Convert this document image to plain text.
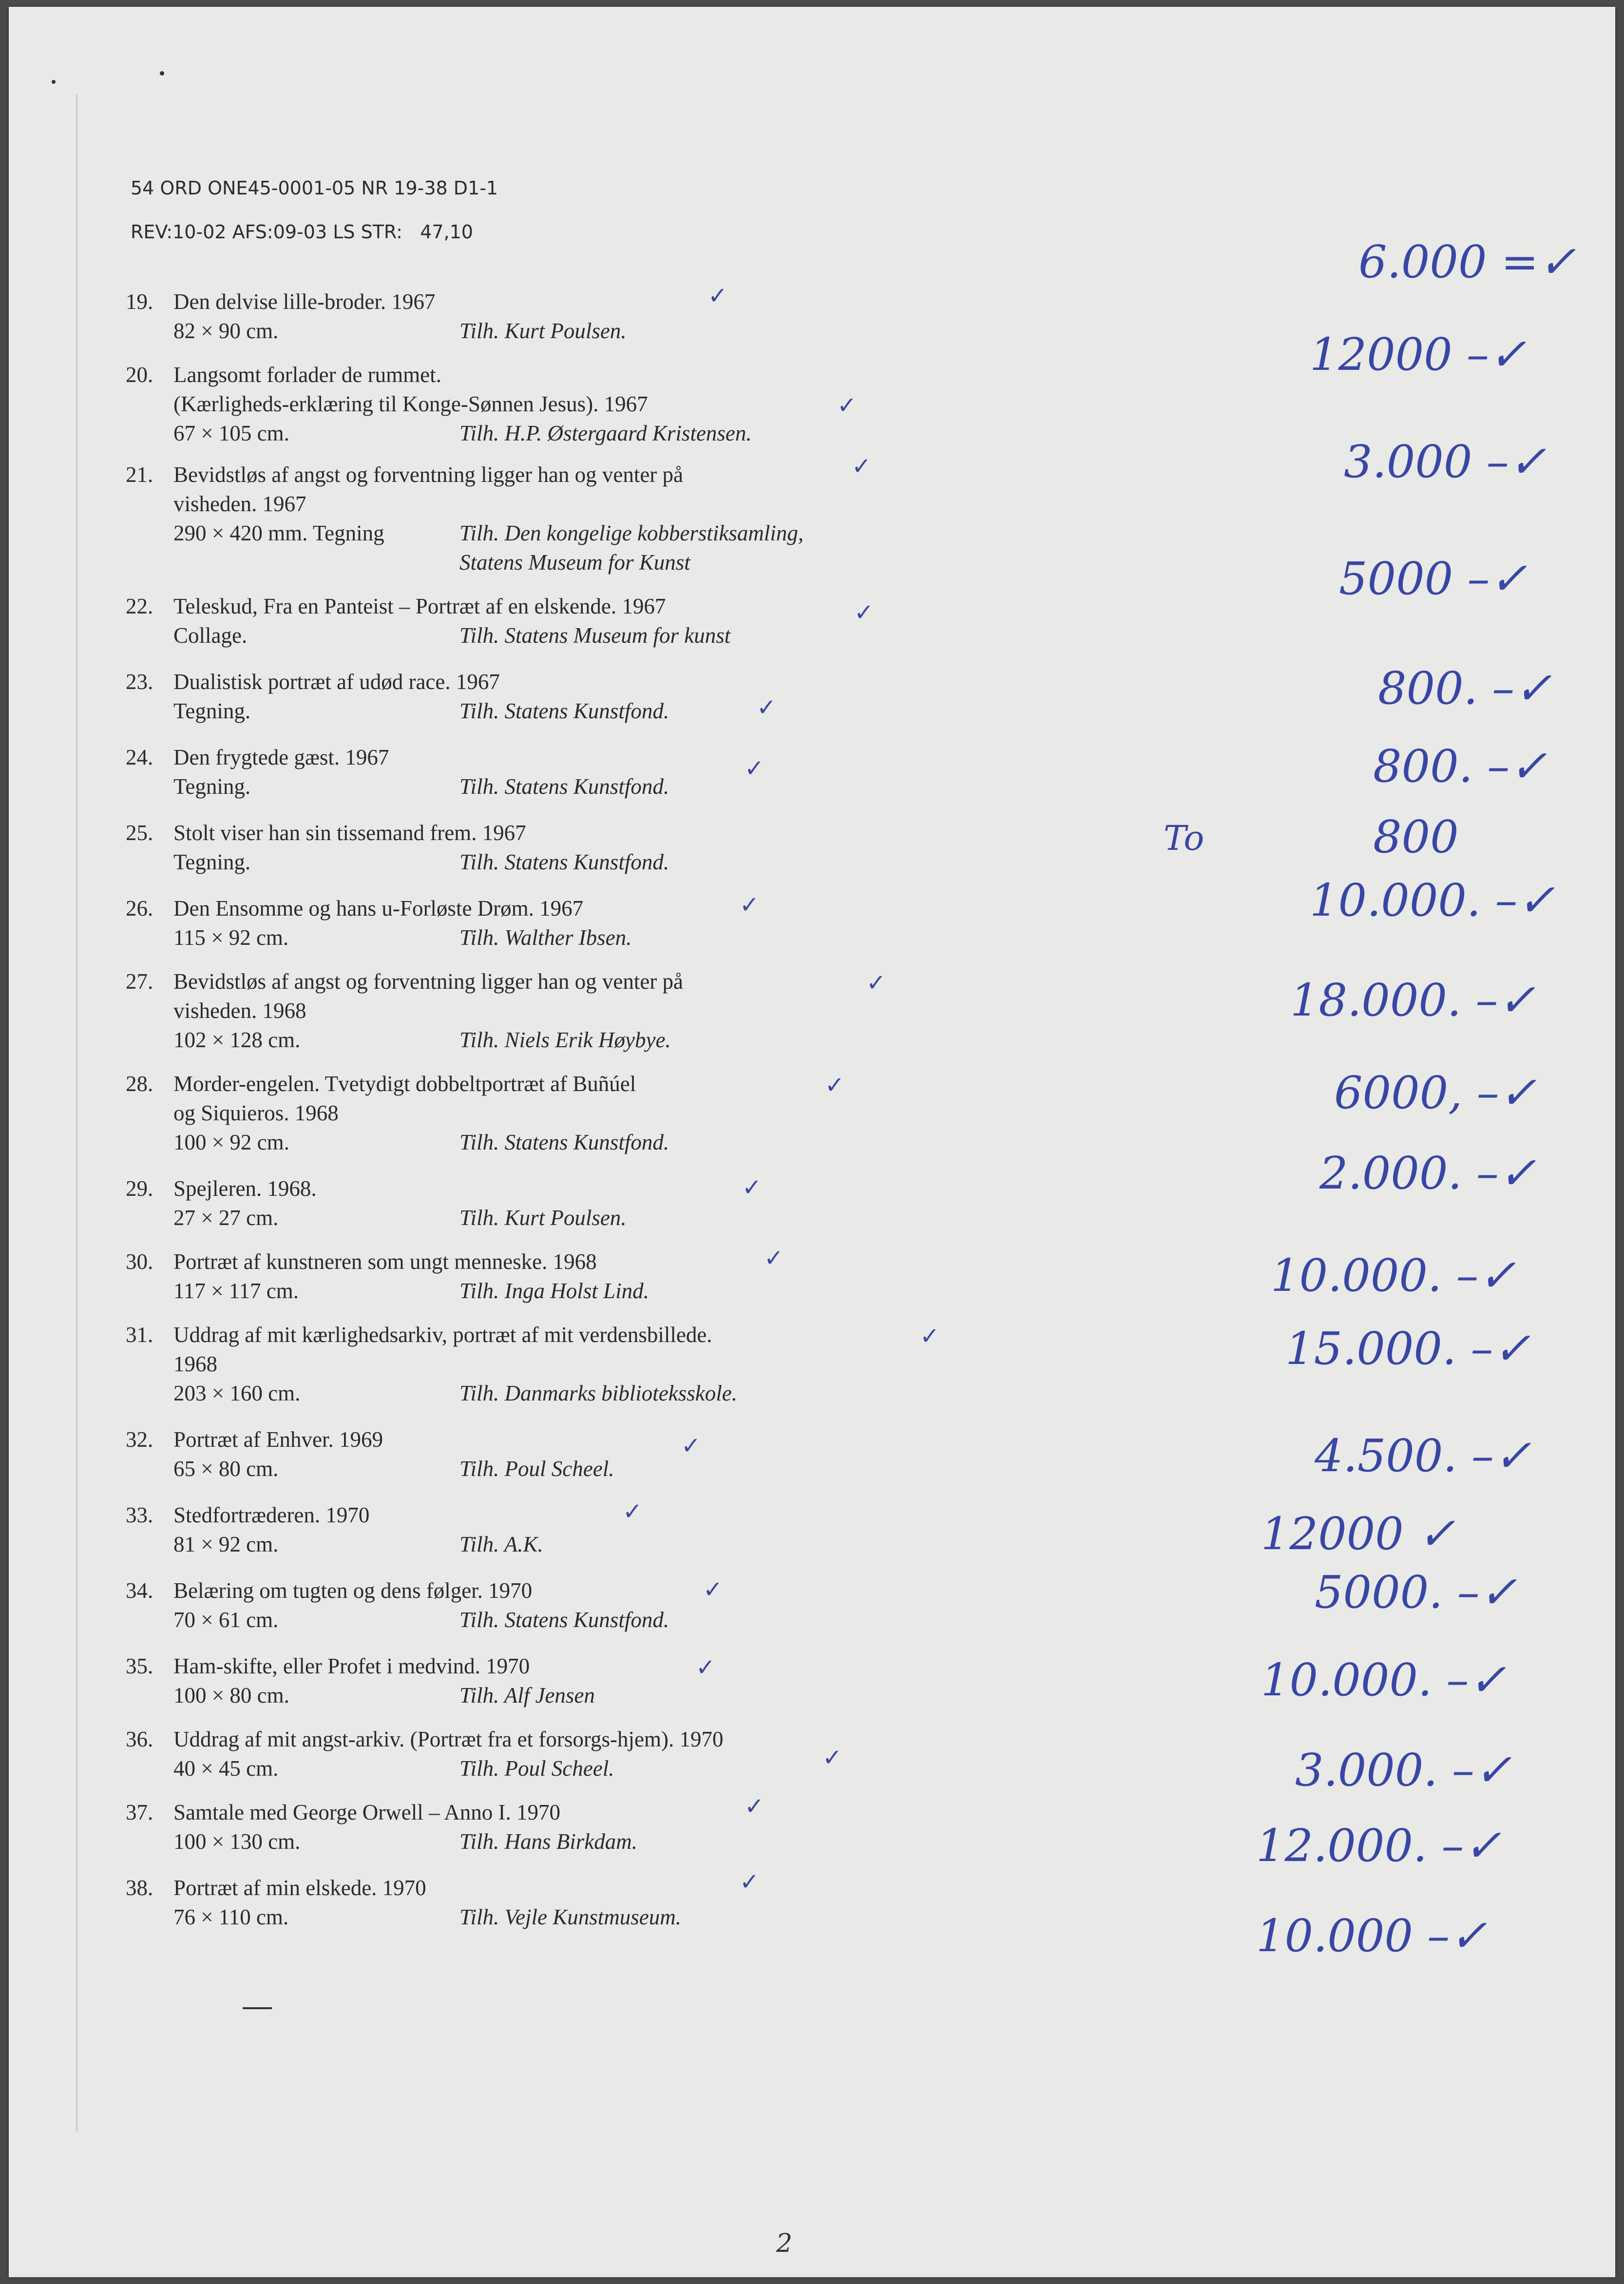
54 ORD ONE45-0001-05 NR 19-38 D1-1
REV:10-02 AFS:09-03 LS STR:   47,10
19. Den delvise lille-broder. 1967
82 × 90 cm.	Tilh. Kurt Poulsen.
20. Langsomt forlader de rummet.
(Kærligheds-erklæring til Konge-Sønnen Jesus). 1967
67 × 105 cm.	Tilh. H.P. Østergaard Kristensen.
21. Bevidstløs af angst og forventning ligger han og venter på
visheden. 1967
290 × 420 mm. Tegning	Tilh. Den kongelige kobberstiksamling,
Statens Museum for Kunst
22. Teleskud, Fra en Panteist – Portræt af en elskende. 1967
Collage.	Tilh. Statens Museum for kunst
23. Dualistisk portræt af udød race. 1967
Tegning.	Tilh. Statens Kunstfond.
24. Den frygtede gæst. 1967
Tegning.	Tilh. Statens Kunstfond.
25. Stolt viser han sin tissemand frem. 1967
Tegning.	Tilh. Statens Kunstfond.
26. Den Ensomme og hans u-Forløste Drøm. 1967
115 × 92 cm.	Tilh. Walther Ibsen.
27. Bevidstløs af angst og forventning ligger han og venter på
visheden. 1968
102 × 128 cm.	Tilh. Niels Erik Høybye.
28. Morder-engelen. Tvetydigt dobbeltportræt af Buñúel
og Siquieros. 1968
100 × 92 cm.	Tilh. Statens Kunstfond.
29. Spejleren. 1968.
27 × 27 cm.	Tilh. Kurt Poulsen.
30. Portræt af kunstneren som ungt menneske. 1968
117 × 117 cm.	Tilh. Inga Holst Lind.
31. Uddrag af mit kærlighedsarkiv, portræt af mit verdensbillede.
1968
203 × 160 cm.	Tilh. Danmarks biblioteksskole.
32. Portræt af Enhver. 1969
65 × 80 cm.	Tilh. Poul Scheel.
33. Stedfortræderen. 1970
81 × 92 cm.	Tilh. A.K.
34. Belæring om tugten og dens følger. 1970
70 × 61 cm.	Tilh. Statens Kunstfond.
35. Ham-skifte, eller Profet i medvind. 1970
100 × 80 cm.	Tilh. Alf Jensen
36. Uddrag af mit angst-arkiv. (Portræt fra et forsorgs-hjem). 1970
40 × 45 cm.	Tilh. Poul Scheel.
37. Samtale med George Orwell – Anno I. 1970
100 × 130 cm.	Tilh. Hans Birkdam.
38. Portræt af min elskede. 1970
76 × 110 cm.	Tilh. Vejle Kunstmuseum.
To
2
6.000 =✓
✓
12000 –✓
✓
3.000 –✓
✓
5000 –✓
✓
800. –✓
✓
800. –✓
✓
800
10.000. –✓
✓
18.000. –✓
✓
6000, –✓
✓
2.000. –✓
✓
10.000. –✓
✓
15.000. –✓
✓
4.500. –✓
✓
12000 ✓
✓
5000. –✓
✓
10.000. –✓
✓
3.000. –✓
✓
12.000. –✓
✓
10.000 –✓
✓
